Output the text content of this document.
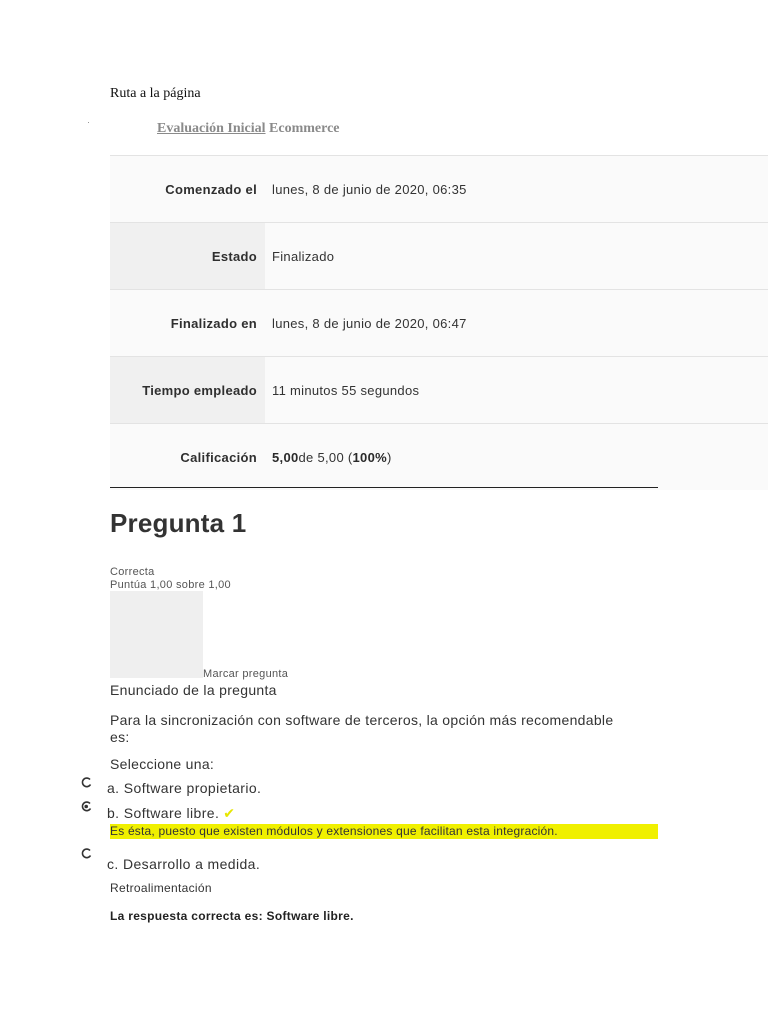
Ruta a la página
·	Evaluación Inicial Ecommerce
Comenzado el	lunes, 8 de junio de 2020, 06:35
Estado	Finalizado
Finalizado en	lunes, 8 de junio de 2020, 06:47
Tiempo empleado	11 minutos 55 segundos
Calificación	5,00 de 5,00 ( 100% )
Pregunta 1
Correcta
Puntúa 1,00 sobre 1,00
Marcar pregunta
Enunciado de la pregunta
Para la sincronización con software de terceros, la opción más recomendable es:
Seleccione una:
a. Software propietario.
b. Software libre. ✔
Es ésta, puesto que existen módulos y extensiones que facilitan esta integración.
c. Desarrollo a medida.
Retroalimentación
La respuesta correcta es: Software libre.
